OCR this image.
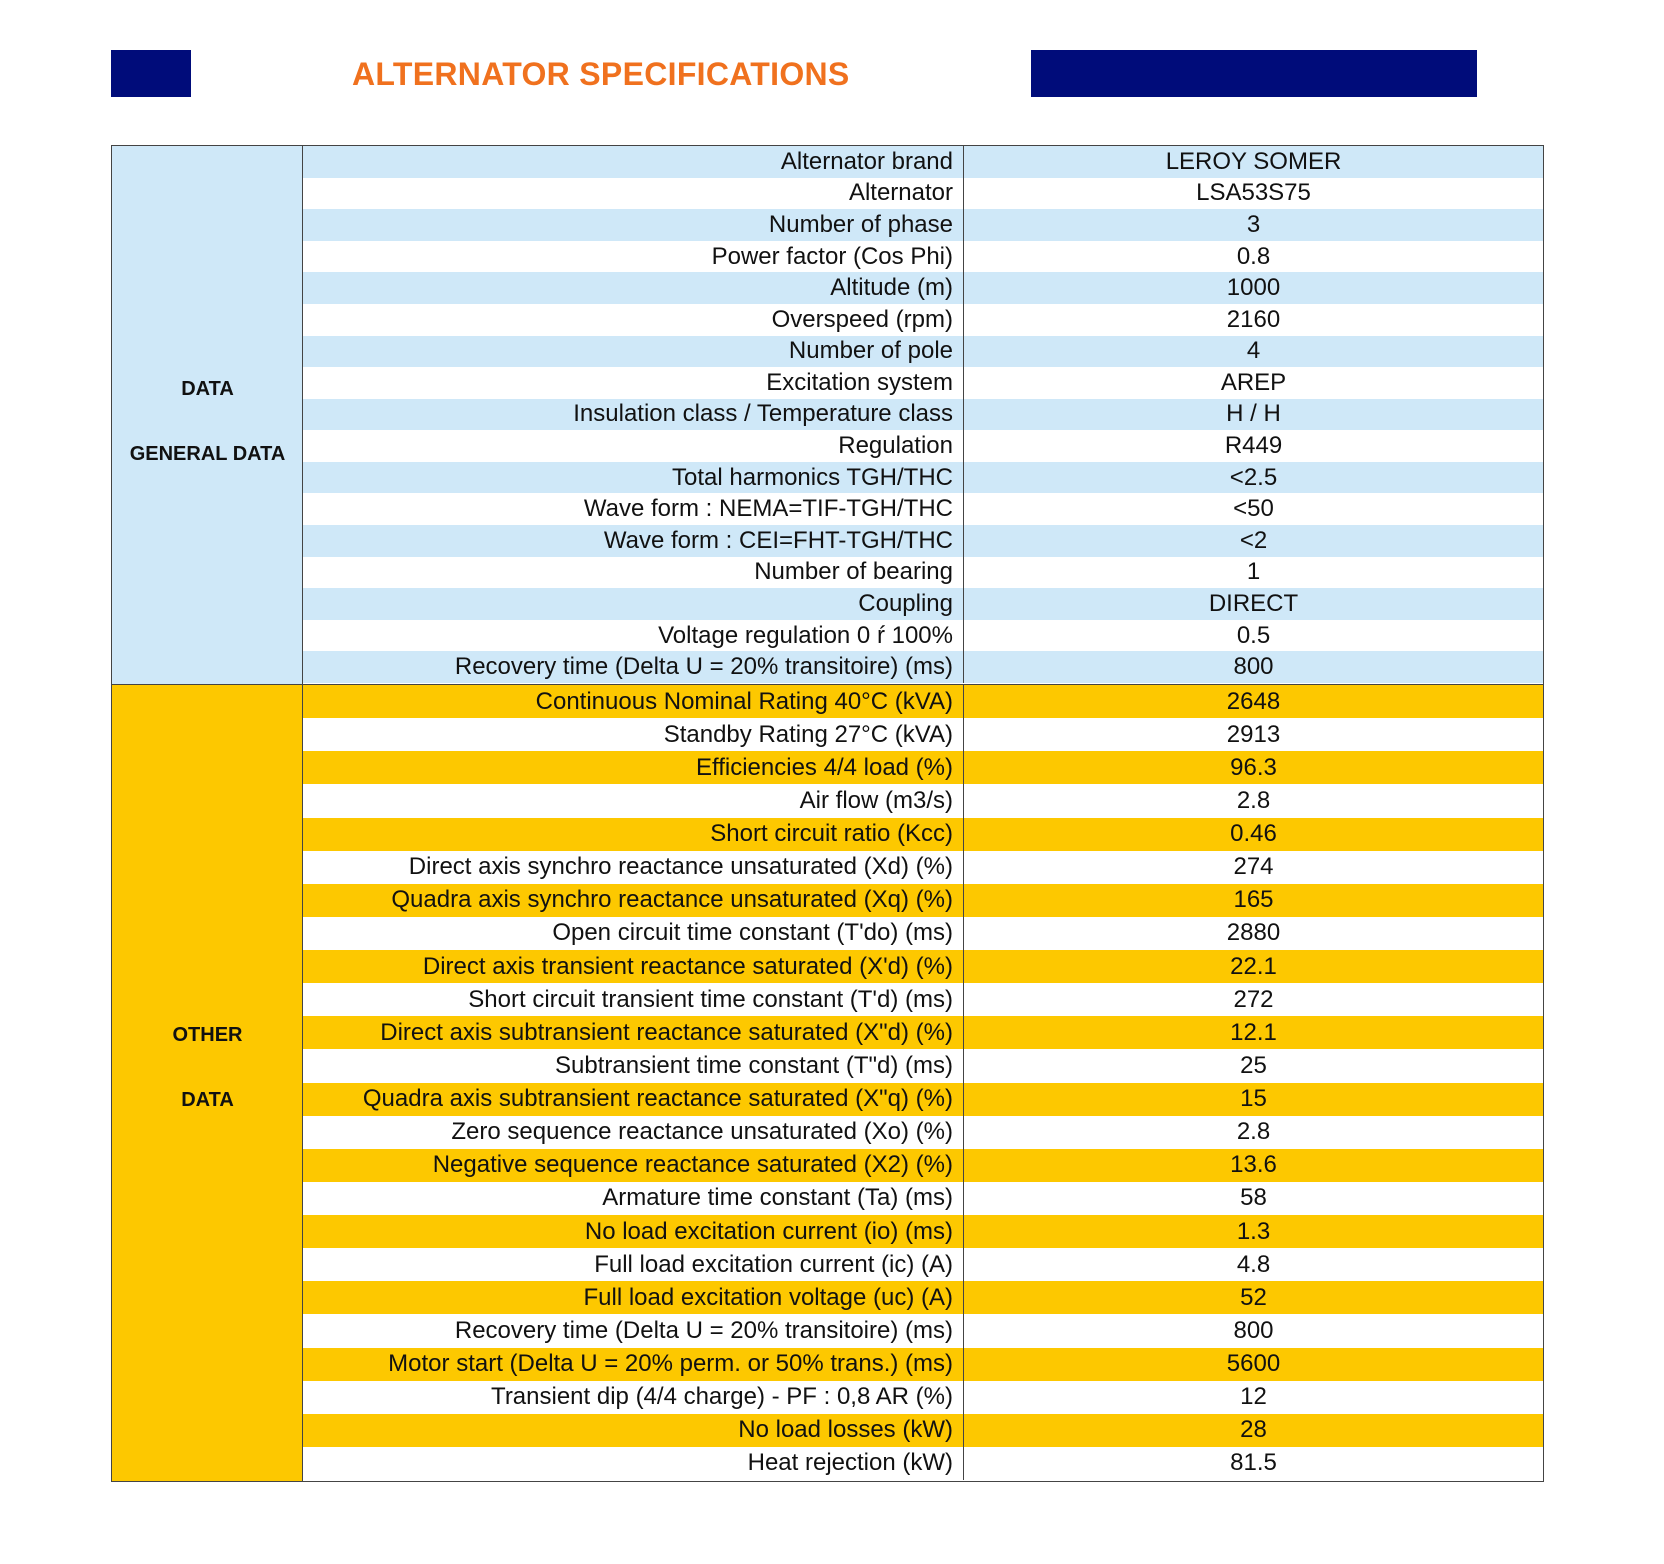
ALTERNATOR SPECIFICATIONS
DATA
GENERAL DATA
Alternator brand	LEROY SOMER
Alternator	LSA53S75
Number of phase	3
Power factor (Cos Phi)	0.8
Altitude (m)	1000
Overspeed (rpm)	2160
Number of pole	4
Excitation system	AREP
Insulation class / Temperature class	H / H
Regulation	R449
Total harmonics TGH/THC	<2.5
Wave form : NEMA=TIF-TGH/THC	<50
Wave form : CEI=FHT-TGH/THC	<2
Number of bearing	1
Coupling	DIRECT
Voltage regulation 0 ŕ 100%	0.5
Recovery time (Delta U = 20% transitoire) (ms)	800
OTHER
DATA
Continuous Nominal Rating 40°C (kVA)	2648
Standby Rating 27°C (kVA)	2913
Efficiencies 4/4 load (%)	96.3
Air flow (m3/s)	2.8
Short circuit ratio (Kcc)	0.46
Direct axis synchro reactance unsaturated (Xd) (%)	274
Quadra axis synchro reactance unsaturated (Xq) (%)	165
Open circuit time constant (T'do) (ms)	2880
Direct axis transient reactance saturated (X'd) (%)	22.1
Short circuit transient time constant (T'd) (ms)	272
Direct axis subtransient reactance saturated (X"d) (%)	12.1
Subtransient time constant (T"d) (ms)	25
Quadra axis subtransient reactance saturated (X"q) (%)	15
Zero sequence reactance unsaturated (Xo) (%)	2.8
Negative sequence reactance saturated (X2) (%)	13.6
Armature time constant (Ta) (ms)	58
No load excitation current (io) (ms)	1.3
Full load excitation current (ic) (A)	4.8
Full load excitation voltage (uc) (A)	52
Recovery time (Delta U = 20% transitoire) (ms)	800
Motor start (Delta U = 20% perm. or 50% trans.) (ms)	5600
Transient dip (4/4 charge) - PF : 0,8 AR (%)	12
No load losses (kW)	28
Heat rejection (kW)	81.5
